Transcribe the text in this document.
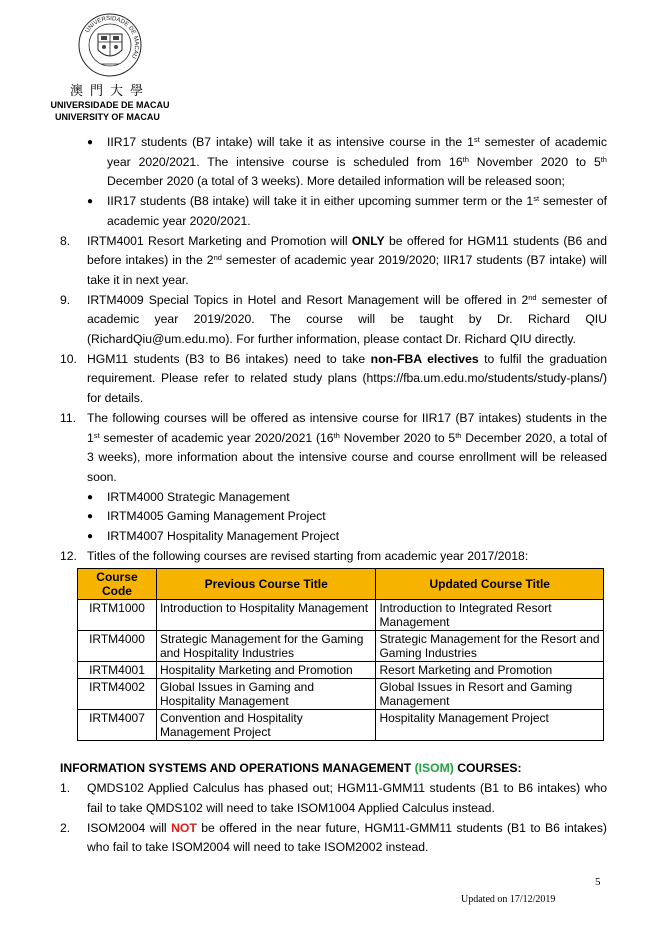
UNIVERSIDADE DE MACAU
澳門大學
UNIVERSIDADE DE MACAU
UNIVERSITY OF MACAU
● IIR17 students (B7 intake) will take it as intensive course in the 1st semester of academic year 2020/2021. The intensive course is scheduled from 16th November 2020 to 5th December 2020 (a total of 3 weeks). More detailed information will be released soon;
● IIR17 students (B8 intake) will take it in either upcoming summer term or the 1st semester of academic year 2020/2021.
8. IRTM4001 Resort Marketing and Promotion will ONLY be offered for HGM11 students (B6 and before intakes) in the 2nd semester of academic year 2019/2020; IIR17 students (B7 intake) will take it in next year.
9. IRTM4009 Special Topics in Hotel and Resort Management will be offered in 2nd semester of academic year 2019/2020. The course will be taught by Dr. Richard QIU (RichardQiu@um.edu.mo). For further information, please contact Dr. Richard QIU directly.
10. HGM11 students (B3 to B6 intakes) need to take non-FBA electives to fulfil the graduation requirement. Please refer to related study plans (https://fba.um.edu.mo/students/study-plans/) for details.
11. The following courses will be offered as intensive course for IIR17 (B7 intakes) students in the 1st semester of academic year 2020/2021 (16th November 2020 to 5th December 2020, a total of 3 weeks), more information about the intensive course and course enrollment will be released soon.
● IRTM4000 Strategic Management
● IRTM4005 Gaming Management Project
● IRTM4007 Hospitality Management Project
12. Titles of the following courses are revised starting from academic year 2017/2018:
Course Code	Previous Course Title	Updated Course Title
IRTM1000	Introduction to Hospitality Management	Introduction to Integrated Resort Management
IRTM4000	Strategic Management for the Gaming and Hospitality Industries	Strategic Management for the Resort and Gaming Industries
IRTM4001	Hospitality Marketing and Promotion	Resort Marketing and Promotion
IRTM4002	Global Issues in Gaming and Hospitality Management	Global Issues in Resort and Gaming Management
IRTM4007	Convention and Hospitality Management Project	Hospitality Management Project
INFORMATION SYSTEMS AND OPERATIONS MANAGEMENT (ISOM) COURSES:
1. QMDS102 Applied Calculus has phased out; HGM11-GMM11 students (B1 to B6 intakes) who fail to take QMDS102 will need to take ISOM1004 Applied Calculus instead.
2. ISOM2004 will NOT be offered in the near future, HGM11-GMM11 students (B1 to B6 intakes) who fail to take ISOM2004 will need to take ISOM2002 instead.
5
Updated on 17/12/2019
